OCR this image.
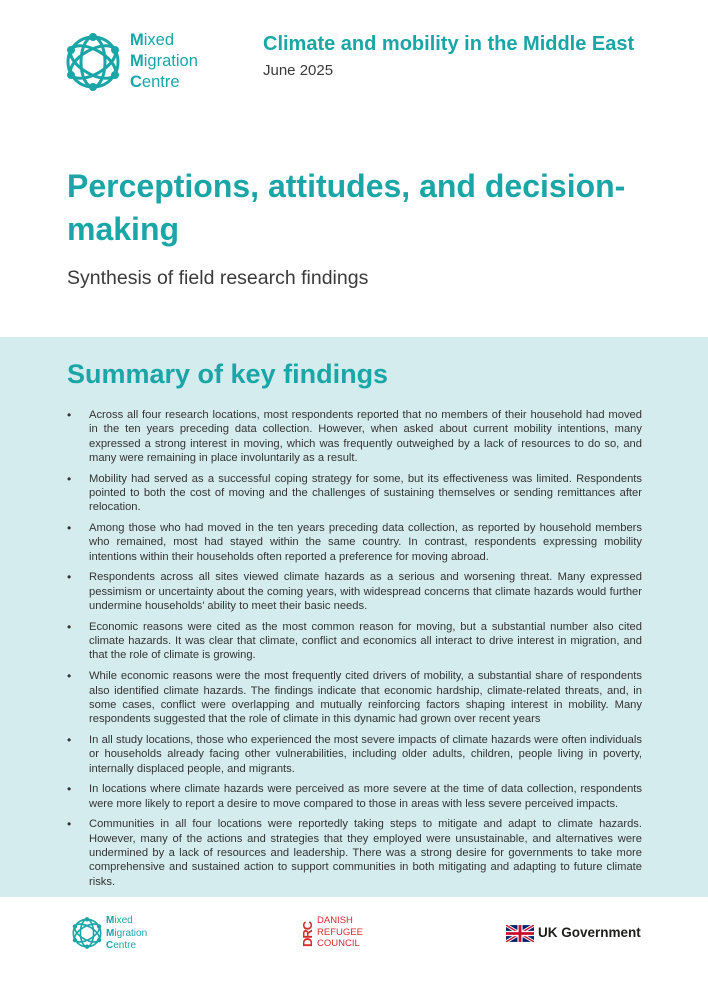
Mixed
Migration
Centre
Climate and mobility in the Middle East
June 2025
Perceptions, attitudes, and decision-making
Synthesis of field research findings
Summary of key findings
• Across all four research locations, most respondents reported that no members of their household had moved in the ten years preceding data collection. However, when asked about current mobility intentions, many expressed a strong interest in moving, which was frequently outweighed by a lack of resources to do so, and many were remaining in place involuntarily as a result.
• Mobility had served as a successful coping strategy for some, but its effectiveness was limited. Respondents pointed to both the cost of moving and the challenges of sustaining themselves or sending remittances after relocation.
• Among those who had moved in the ten years preceding data collection, as reported by household members who remained, most had stayed within the same country. In contrast, respondents expressing mobility intentions within their households often reported a preference for moving abroad.
• Respondents across all sites viewed climate hazards as a serious and worsening threat. Many expressed pessimism or uncertainty about the coming years, with widespread concerns that climate hazards would further undermine households’ ability to meet their basic needs.
• Economic reasons were cited as the most common reason for moving, but a substantial number also cited climate hazards. It was clear that climate, conflict and economics all interact to drive interest in migration, and that the role of climate is growing.
• While economic reasons were the most frequently cited drivers of mobility, a substantial share of respondents also identified climate hazards. The findings indicate that economic hardship, climate-related threats, and, in some cases, conflict were overlapping and mutually reinforcing factors shaping interest in mobility. Many respondents suggested that the role of climate in this dynamic had grown over recent years
• In all study locations, those who experienced the most severe impacts of climate hazards were often individuals or households already facing other vulnerabilities, including older adults, children, people living in poverty, internally displaced people, and migrants.
• In locations where climate hazards were perceived as more severe at the time of data collection, respondents were more likely to report a desire to move compared to those in areas with less severe perceived impacts.
• Communities in all four locations were reportedly taking steps to mitigate and adapt to climate hazards. However, many of the actions and strategies that they employed were unsustainable, and alternatives were undermined by a lack of resources and leadership. There was a strong desire for governments to take more comprehensive and sustained action to support communities in both mitigating and adapting to future climate risks.
Mixed
Migration
Centre	DRC
DANISH
REFUGEE
COUNCIL
UK Government
